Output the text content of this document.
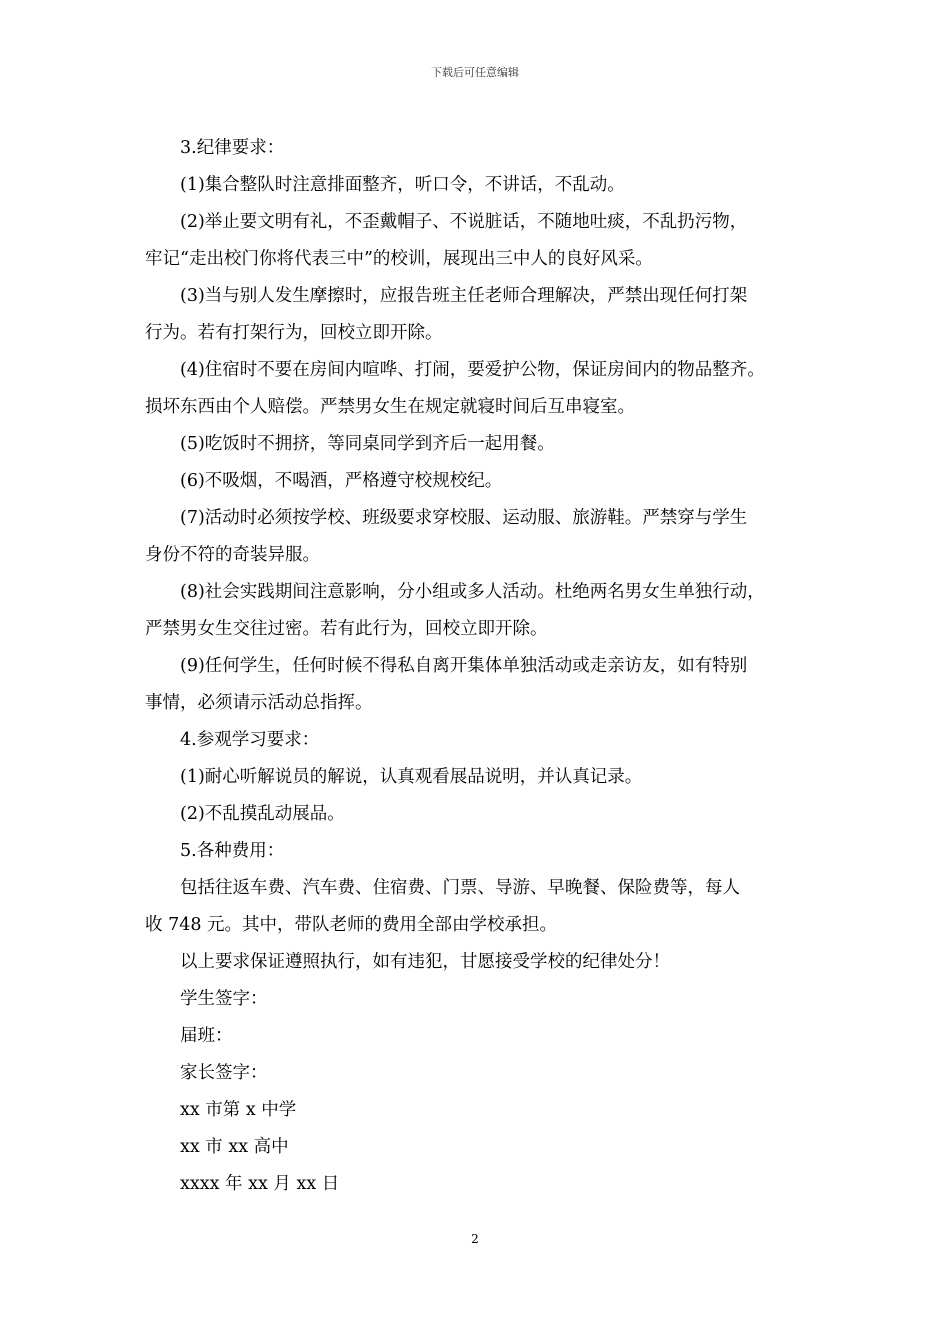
下载后可任意编辑

3.纪律要求：

(1)集合整队时注意排面整齐，听口令，不讲话，不乱动。

(2)举止要文明有礼，不歪戴帽子、不说脏话，不随地吐痰，不乱扔污物，

牢记“走出校门你将代表三中”的校训，展现出三中人的良好风采。

(3)当与别人发生摩擦时，应报告班主任老师合理解决，严禁出现任何打架

行为。若有打架行为，回校立即开除。

(4)住宿时不要在房间内喧哗、打闹，要爱护公物，保证房间内的物品整齐。

损坏东西由个人赔偿。严禁男女生在规定就寝时间后互串寝室。

(5)吃饭时不拥挤，等同桌同学到齐后一起用餐。

(6)不吸烟，不喝酒，严格遵守校规校纪。

(7)活动时必须按学校、班级要求穿校服、运动服、旅游鞋。严禁穿与学生

身份不符的奇装异服。

(8)社会实践期间注意影响，分小组或多人活动。杜绝两名男女生单独行动，

严禁男女生交往过密。若有此行为，回校立即开除。

(9)任何学生，任何时候不得私自离开集体单独活动或走亲访友，如有特别

事情，必须请示活动总指挥。

4.参观学习要求：

(1)耐心听解说员的解说，认真观看展品说明，并认真记录。

(2)不乱摸乱动展品。

5.各种费用：

包括往返车费、汽车费、住宿费、门票、导游、早晚餐、保险费等，每人

收 748 元。其中，带队老师的费用全部由学校承担。

以上要求保证遵照执行，如有违犯，甘愿接受学校的纪律处分！

学生签字：

届班：

家长签字：

xx 市第 x 中学

xx 市 xx 高中

xxxx 年 xx 月 xx 日

2
